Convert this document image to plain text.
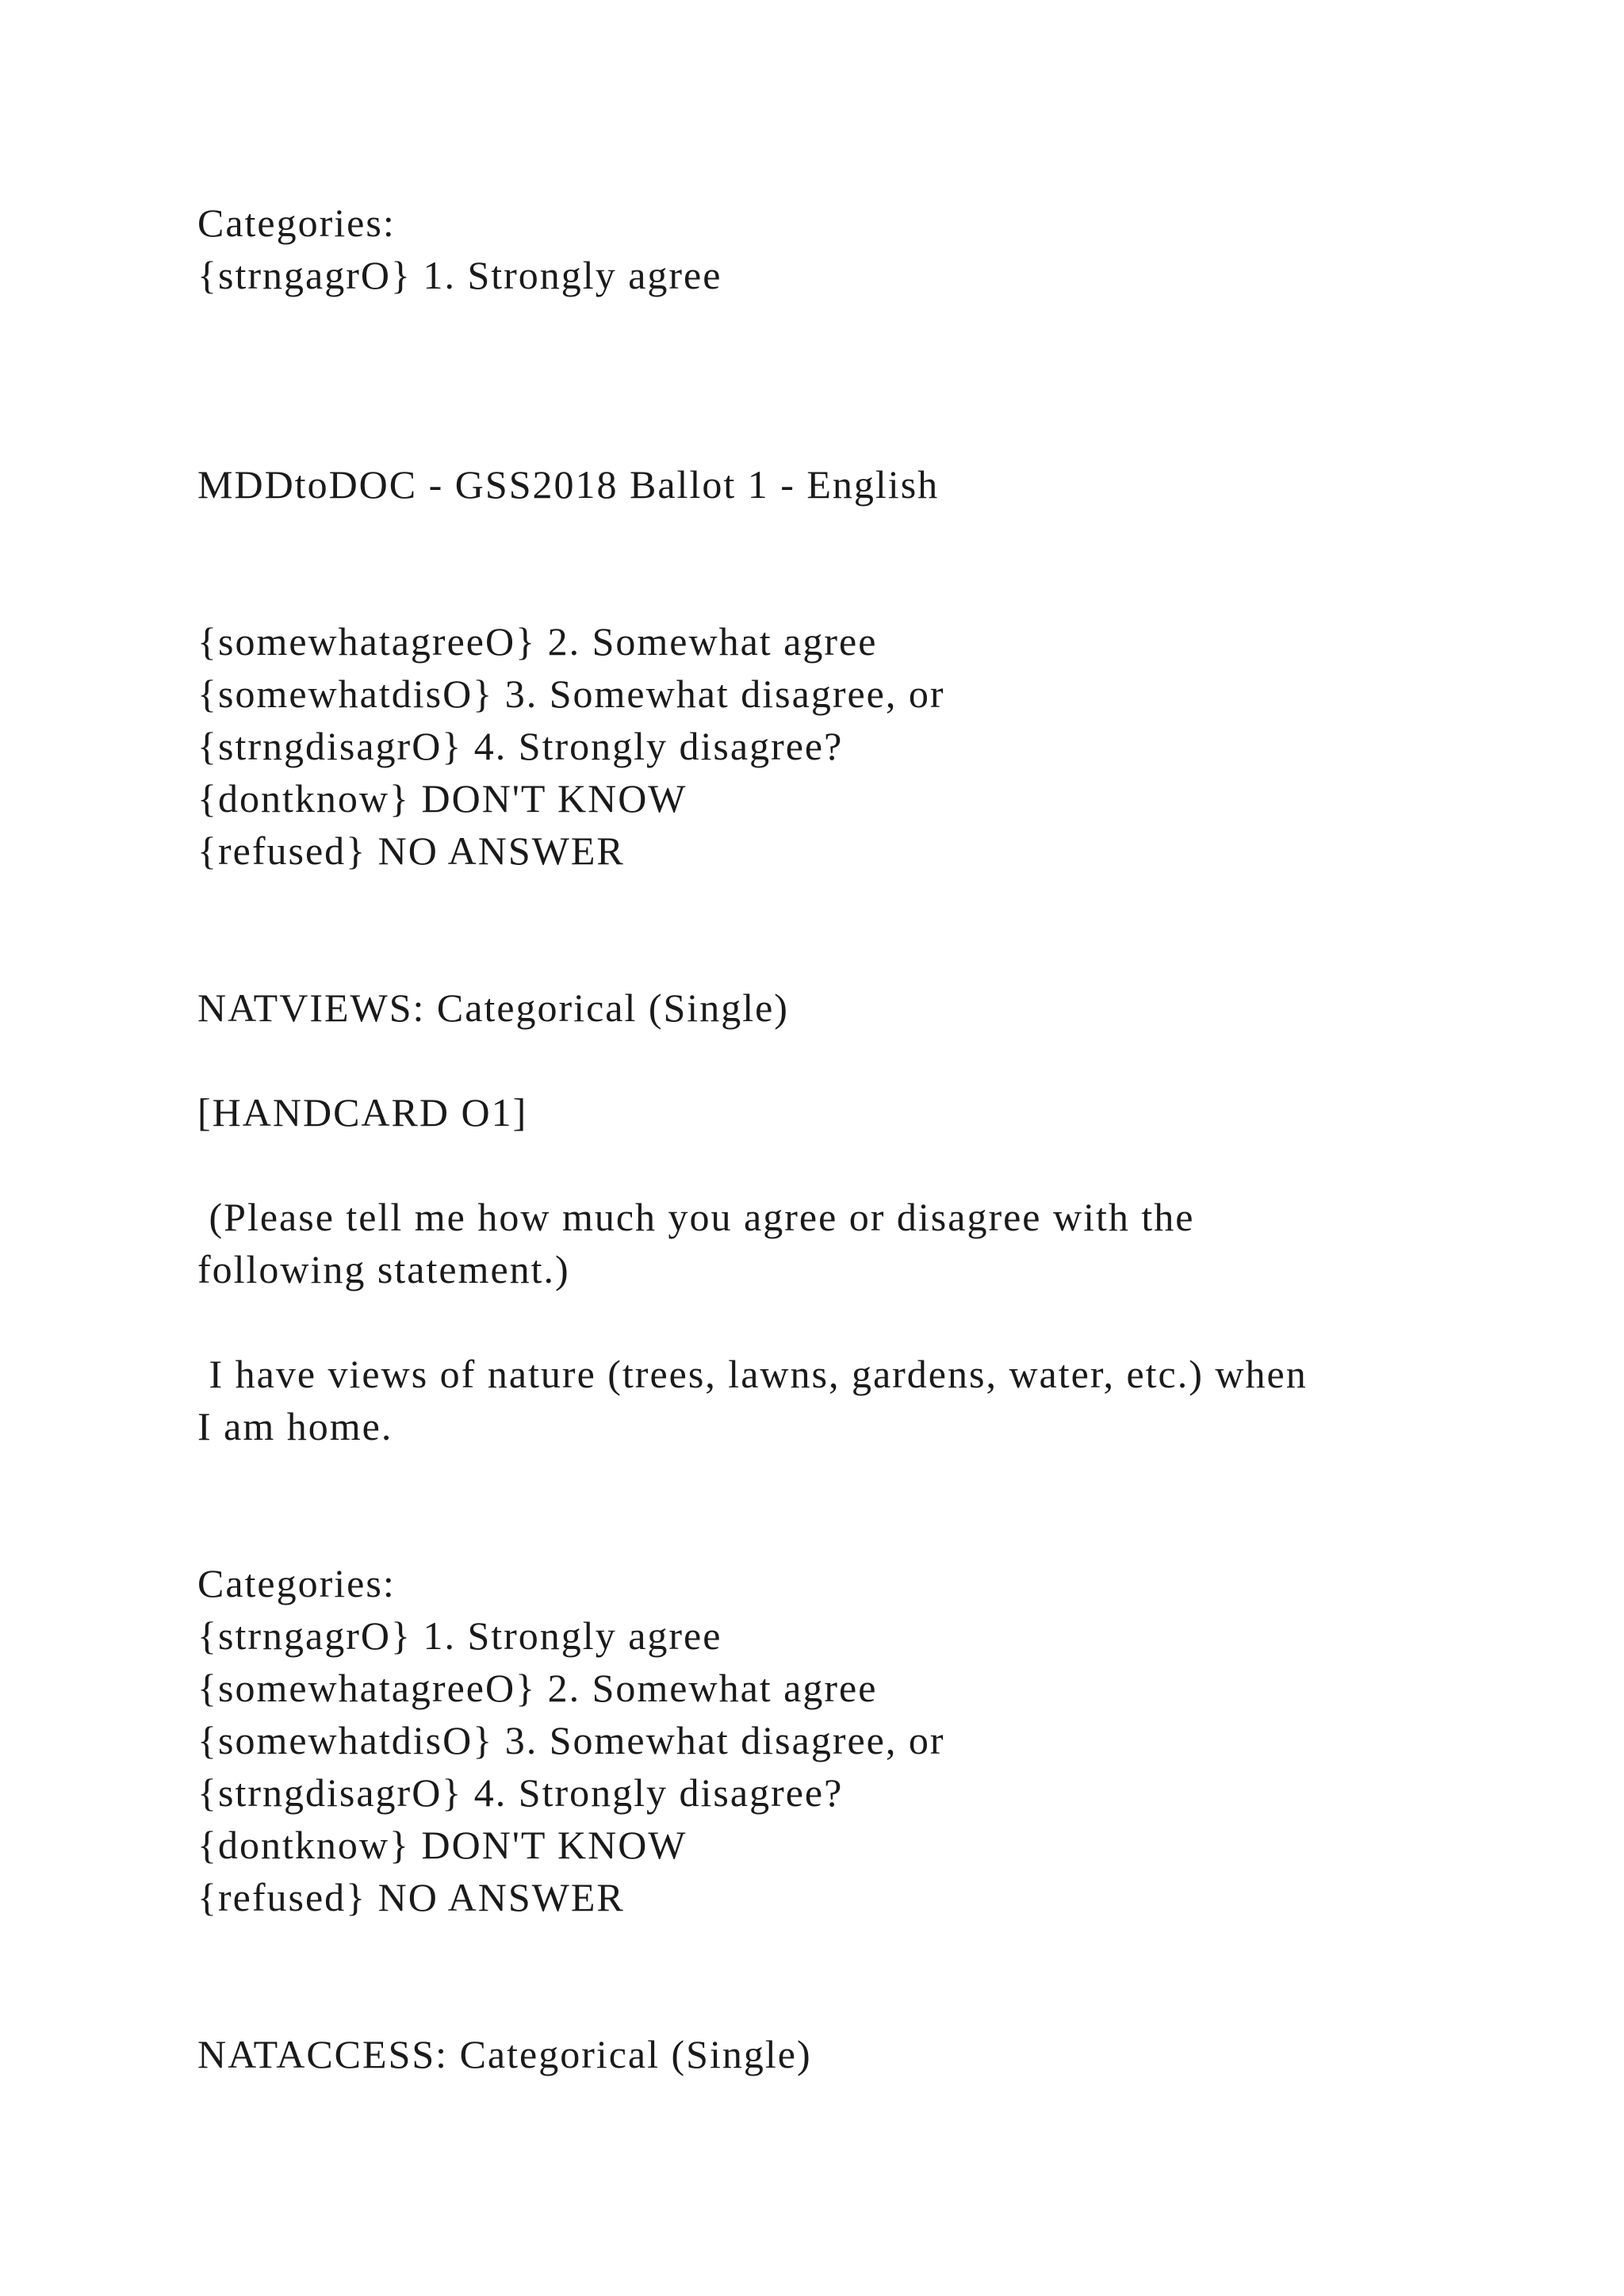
Categories:

{strngagrO} 1. Strongly agree

MDDtoDOC - GSS2018 Ballot 1 - English

{somewhatagreeO} 2. Somewhat agree

{somewhatdisO} 3. Somewhat disagree, or

{strngdisagrO} 4. Strongly disagree?

{dontknow} DON'T KNOW

{refused} NO ANSWER

NATVIEWS: Categorical (Single)

[HANDCARD O1]

(Please tell me how much you agree or disagree with the

following statement.)

I have views of nature (trees, lawns, gardens, water, etc.) when

I am home.

Categories:

{strngagrO} 1. Strongly agree

{somewhatagreeO} 2. Somewhat agree

{somewhatdisO} 3. Somewhat disagree, or

{strngdisagrO} 4. Strongly disagree?

{dontknow} DON'T KNOW

{refused} NO ANSWER

NATACCESS: Categorical (Single)
